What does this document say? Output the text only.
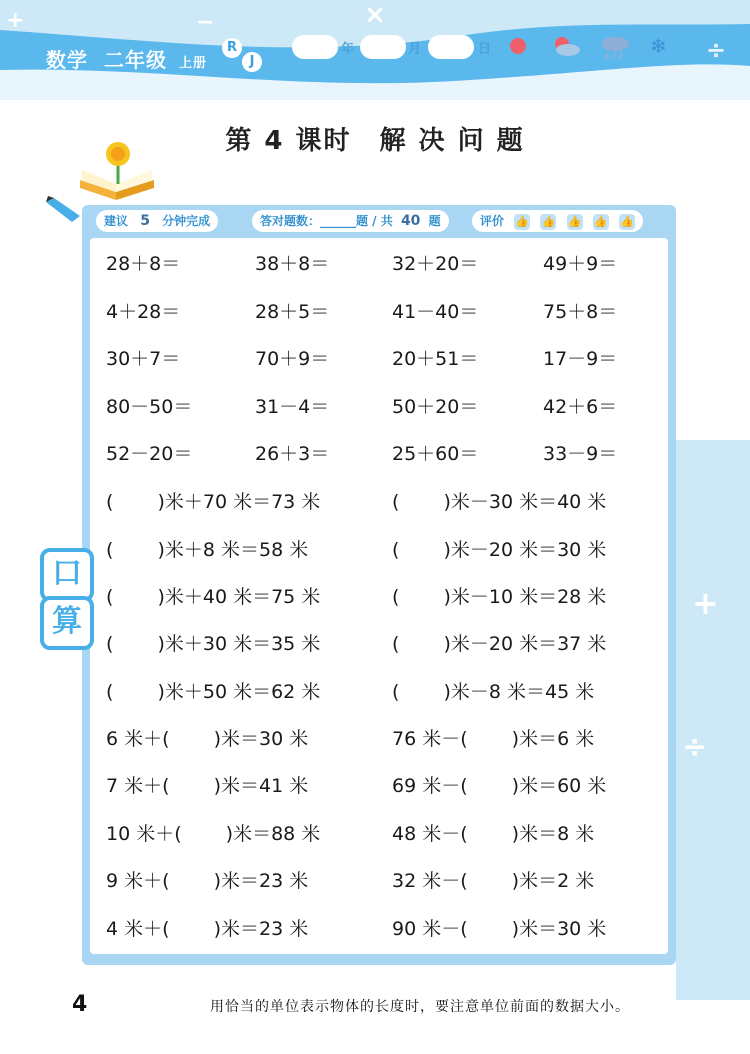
+	−	×
÷
数学 二年级 上册
R
J
年	月	日	❄
第 4 课时　解 决 问 题
+
÷
建议 5 分钟完成	答对题数：______题 / 共 40 题	评价 👍 👍 👍 👍 👍
口
算
28＋8＝	38＋8＝	32＋20＝	49＋9＝
4＋28＝	28＋5＝	41－40＝	75＋8＝
30＋7＝	70＋9＝	20＋51＝	17－9＝
80－50＝	31－4＝	50＋20＝	42＋6＝
52－20＝	26＋3＝	25＋60＝	33－9＝
(　　 )米＋70 米＝73 米	(　　 )米－30 米＝40 米
(　　 )米＋8 米＝58 米	(　　 )米－20 米＝30 米
(　　 )米＋40 米＝75 米	(　　 )米－10 米＝28 米
(　　 )米＋30 米＝35 米	(　　 )米－20 米＝37 米
(　　 )米＋50 米＝62 米	(　　 )米－8 米＝45 米
6 米＋(　　 )米＝30 米	76 米－(　　 )米＝6 米
7 米＋(　　 )米＝41 米	69 米－(　　 )米＝60 米
10 米＋(　　 )米＝88 米	48 米－(　　 )米＝8 米
9 米＋(　　 )米＝23 米	32 米－(　　 )米＝2 米
4 米＋(　　 )米＝23 米	90 米－(　　 )米＝30 米
4	用恰当的单位表示物体的长度时，要注意单位前面的数据大小。
